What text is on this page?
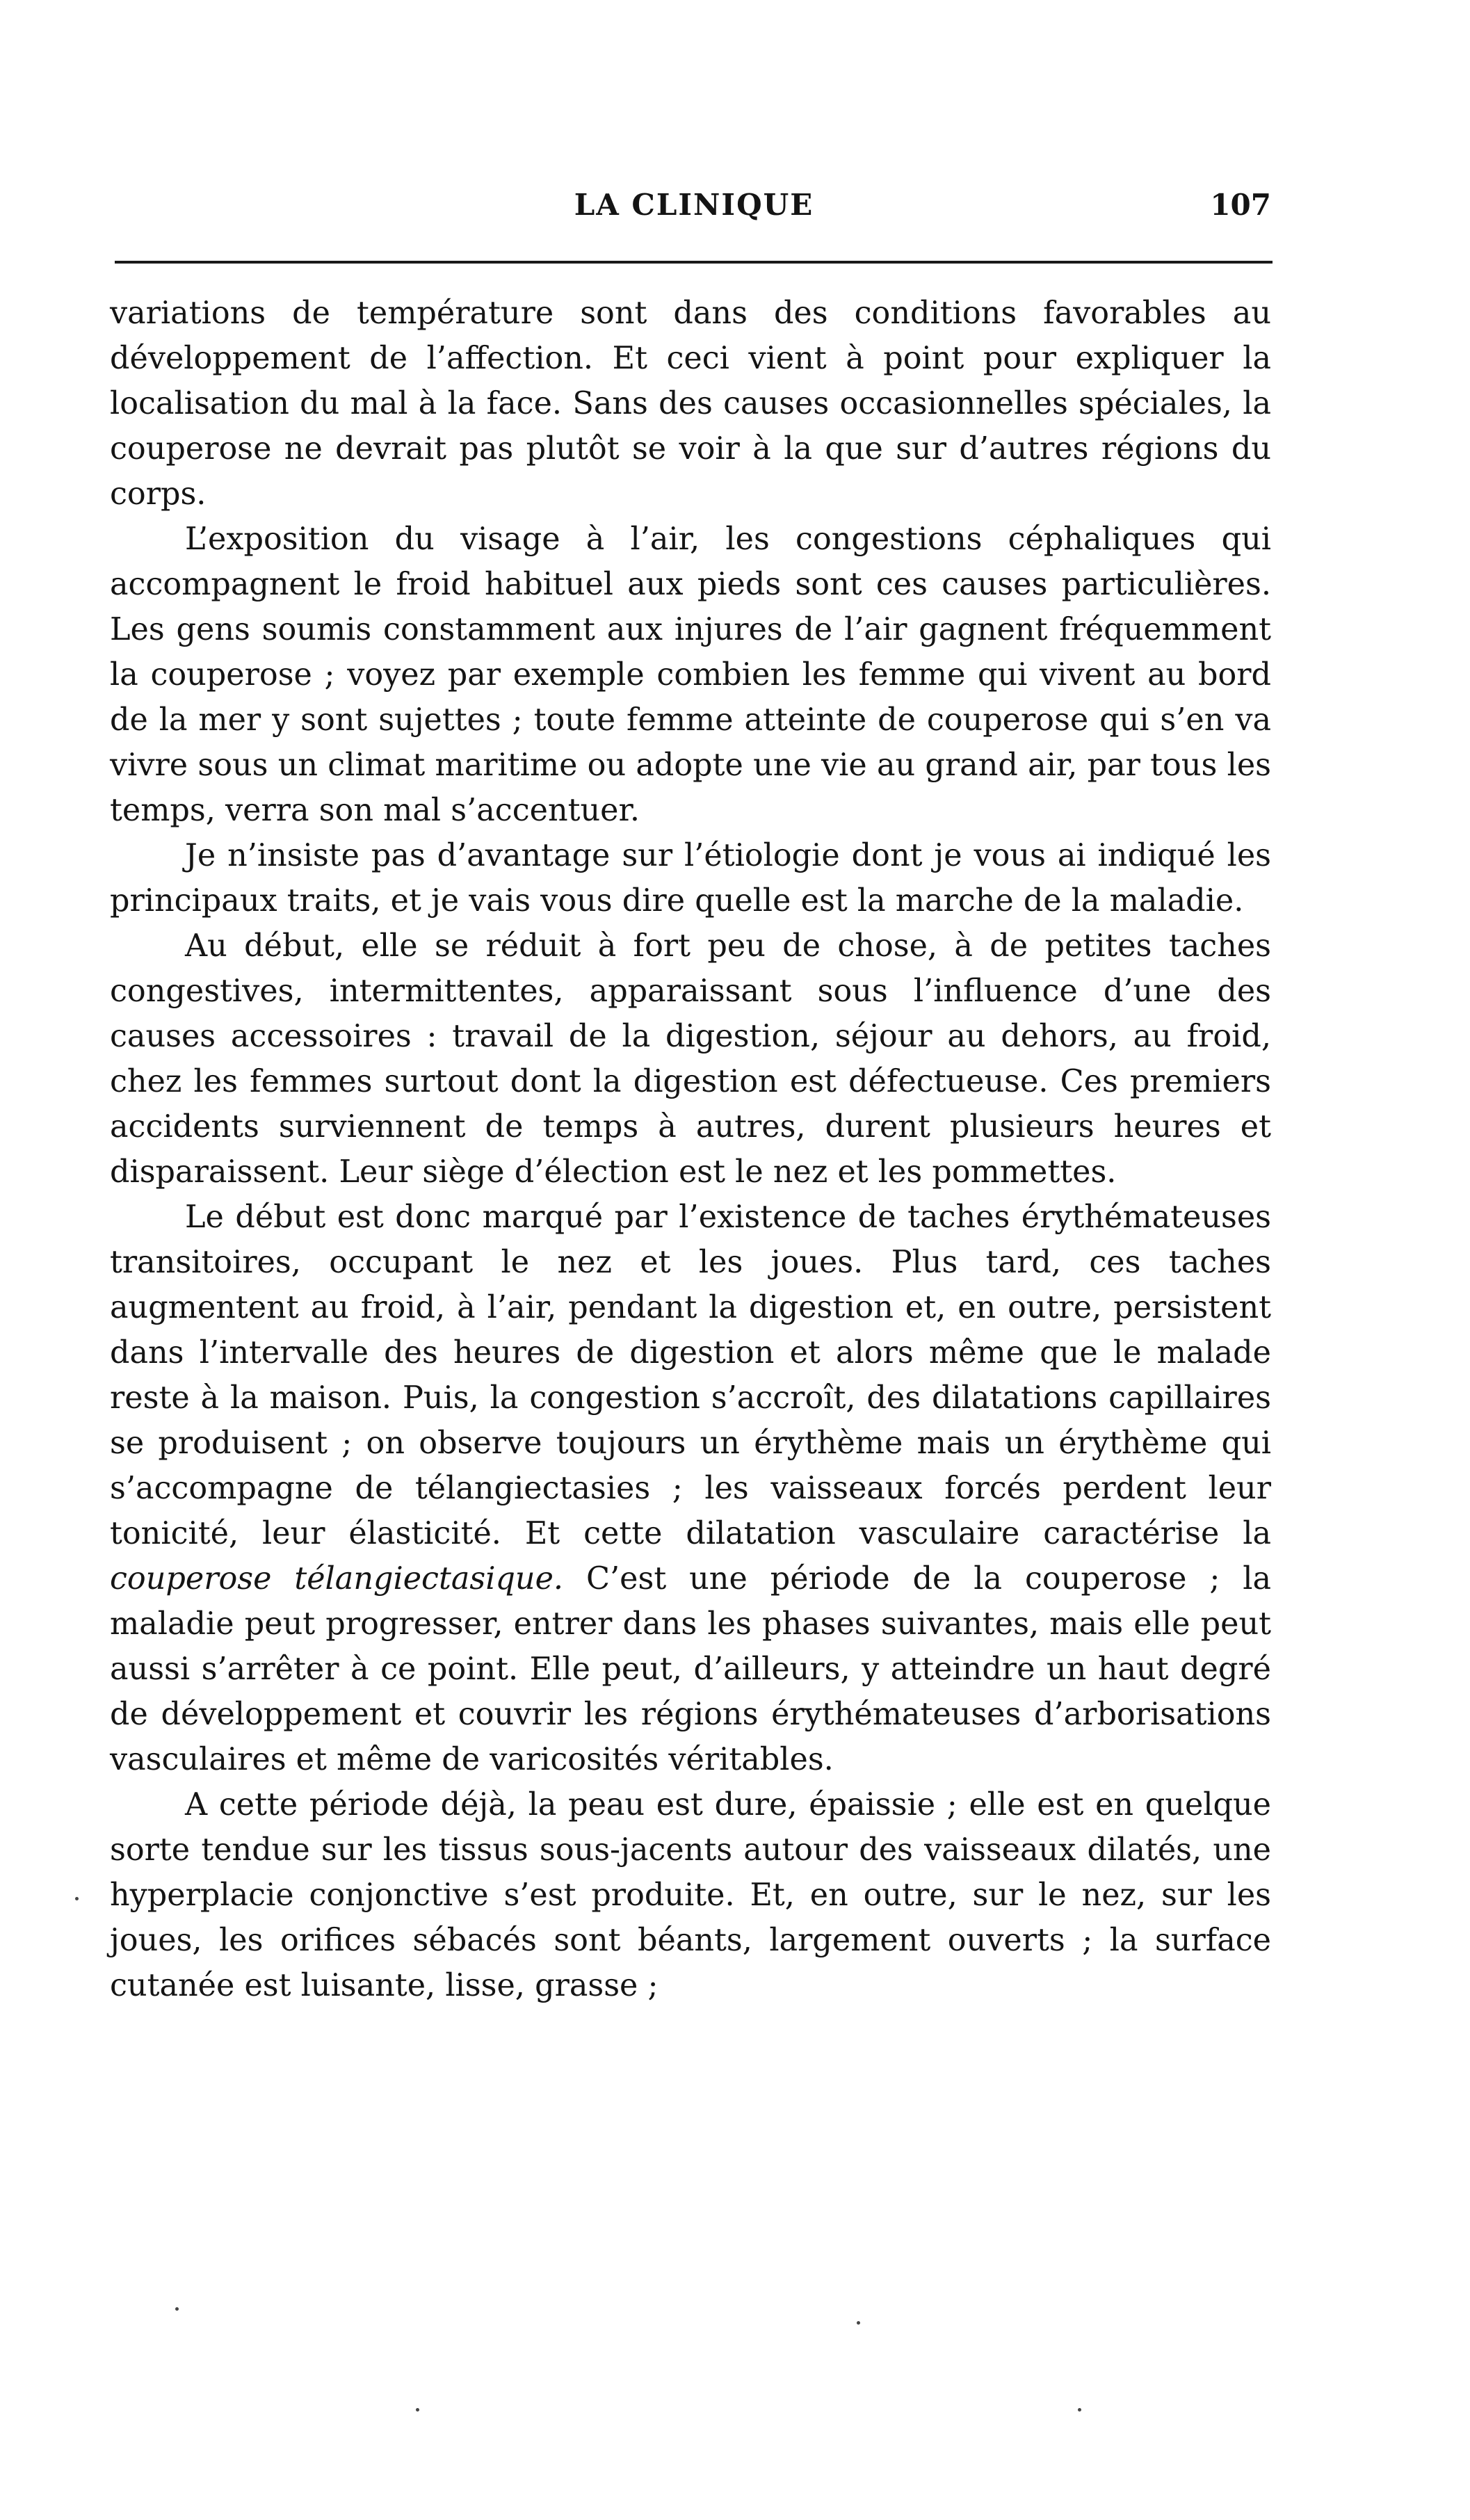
LA CLINIQUE	107

variations de température sont dans des conditions favorables au développement de l’affection. Et ceci vient à point pour expliquer la localisation du mal à la face. Sans des causes occasionnelles spéciales, la couperose ne devrait pas plutôt se voir à la que sur d’autres régions du corps.

L’exposition du visage à l’air, les congestions céphaliques qui accompagnent le froid habituel aux pieds sont ces causes particulières. Les gens soumis constamment aux injures de l’air gagnent fréquemment la couperose ; voyez par exemple combien les femme qui vivent au bord de la mer y sont sujettes ; toute femme atteinte de couperose qui s’en va vivre sous un climat maritime ou adopte une vie au grand air, par tous les temps, verra son mal s’accentuer.

Je n’insiste pas d’avantage sur l’étiologie dont je vous ai indiqué les principaux traits, et je vais vous dire quelle est la marche de la maladie.

Au début, elle se réduit à fort peu de chose, à de petites taches congestives, intermittentes, apparaissant sous l’influence d’une des causes accessoires : travail de la digestion, séjour au dehors, au froid, chez les femmes surtout dont la digestion est défectueuse. Ces premiers accidents surviennent de temps à autres, durent plusieurs heures et disparaissent. Leur siège d’élection est le nez et les pommettes.

Le début est donc marqué par l’existence de taches érythémateuses transitoires, occupant le nez et les joues. Plus tard, ces taches augmentent au froid, à l’air, pendant la digestion et, en outre, persistent dans l’intervalle des heures de digestion et alors même que le malade reste à la maison. Puis, la congestion s’accroît, des dilatations capillaires se produisent ; on observe toujours un érythème mais un érythème qui s’accompagne de télangiectasies ; les vaisseaux forcés perdent leur tonicité, leur élasticité. Et cette dilatation vasculaire caractérise la couperose télangiectasique. C’est une période de la couperose ; la maladie peut progresser, entrer dans les phases suivantes, mais elle peut aussi s’arrêter à ce point. Elle peut, d’ailleurs, y atteindre un haut degré de développement et couvrir les régions érythémateuses d’arborisations vasculaires et même de varicosités véritables.

A cette période déjà, la peau est dure, épaissie ; elle est en quelque sorte tendue sur les tissus sous-jacents autour des vaisseaux dilatés, une hyperplacie conjonctive s’est produite. Et, en outre, sur le nez, sur les joues, les orifices sébacés sont béants, largement ouverts ; la surface cutanée est luisante, lisse, grasse ;
